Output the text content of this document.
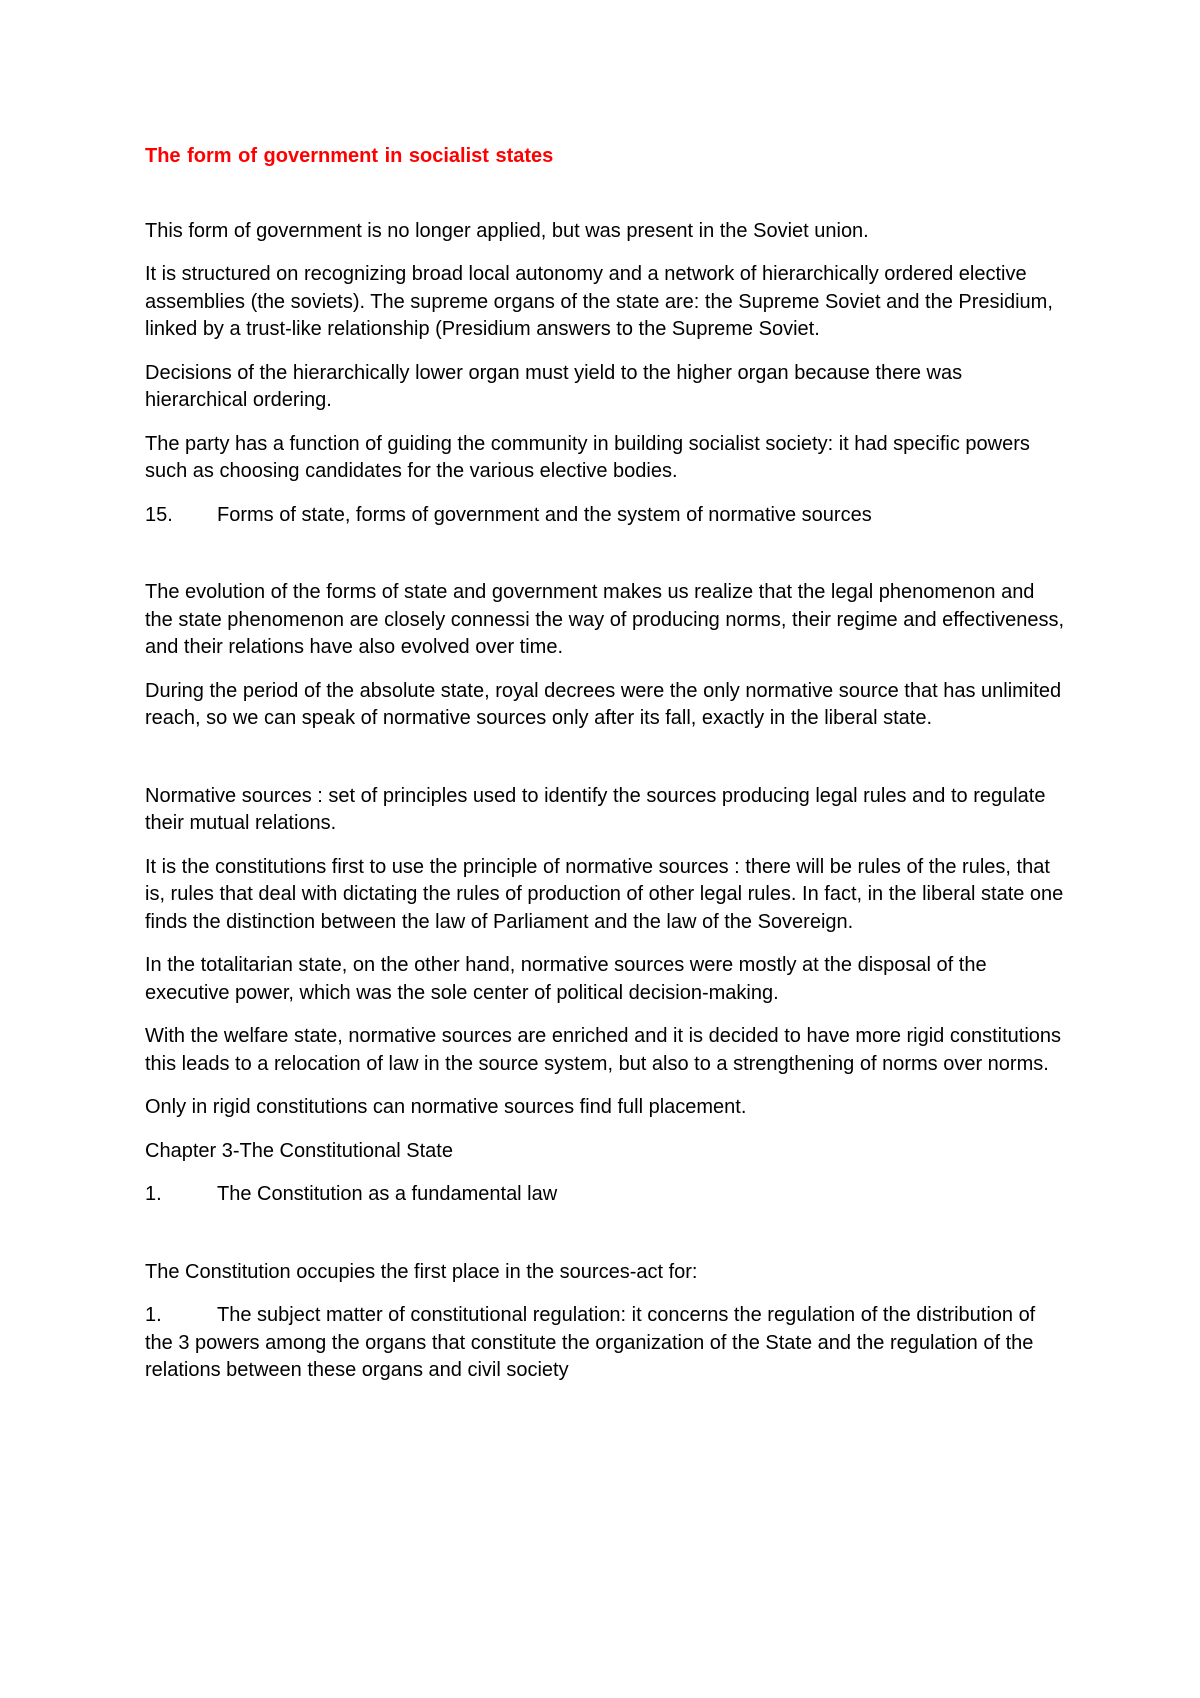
The form of government in socialist states

This form of government is no longer applied, but was present in the Soviet union.

It is structured on recognizing broad local autonomy and a network of hierarchically ordered elective assemblies (the soviets). The supreme organs of the state are: the Supreme Soviet and the Presidium, linked by a trust-like relationship (Presidium answers to the Supreme Soviet.

Decisions of the hierarchically lower organ must yield to the higher organ because there was hierarchical ordering.

The party has a function of guiding the community in building socialist society: it had specific powers such as choosing candidates for the various elective bodies.

15.	Forms of state, forms of government and the system of normative sources

The evolution of the forms of state and government makes us realize that the legal phenomenon and the state phenomenon are closely connessi the way of producing norms, their regime and effectiveness, and their relations have also evolved over time.

During the period of the absolute state, royal decrees were the only normative source that has unlimited reach, so we can speak of normative sources only after its fall, exactly in the liberal state.

Normative sources : set of principles used to identify the sources producing legal rules and to regulate their mutual relations.

It is the constitutions first to use the principle of normative sources : there will be rules of the rules, that is, rules that deal with dictating the rules of production of other legal rules. In fact, in the liberal state one finds the distinction between the law of Parliament and the law of the Sovereign.

In the totalitarian state, on the other hand, normative sources were mostly at the disposal of the executive power, which was the sole center of political decision-making.

With the welfare state, normative sources are enriched and it is decided to have more rigid constitutions this leads to a relocation of law in the source system, but also to a strengthening of norms over norms.

Only in rigid constitutions can normative sources find full placement.

Chapter 3-The Constitutional State

1.	The Constitution as a fundamental law

The Constitution occupies the first place in the sources-act for:

1.	The subject matter of constitutional regulation: it concerns the regulation of the distribution of the 3 powers among the organs that constitute the organization of the State and the regulation of the relations between these organs and civil society
